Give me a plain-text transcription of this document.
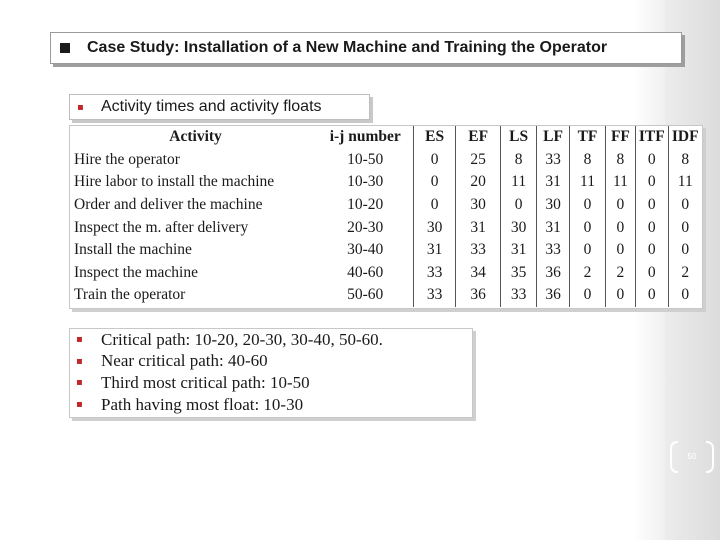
Case Study: Installation of a New Machine and Training the Operator
▪	Activity times and activity floats
Activity	i-j number	ES	EF	LS	LF	TF	FF	ITF	IDF
Hire the operator	10-50	0	25	8	33	8	8	0	8
Hire labor to install the machine	10-30	0	20	11	31	11	11	0	11
Order and deliver the machine	10-20	0	30	0	30	0	0	0	0
Inspect the m. after delivery	20-30	30	31	30	31	0	0	0	0
Install the machine	30-40	31	33	31	33	0	0	0	0
Inspect the machine	40-60	33	34	35	36	2	2	0	2
Train the operator	50-60	33	36	33	36	0	0	0	0
▪	Critical path: 10-20, 20-30, 30-40, 50-60.
▪	Near critical path: 40-60
▪	Third most critical path: 10-50
▪	Path having most float: 10-30
50
